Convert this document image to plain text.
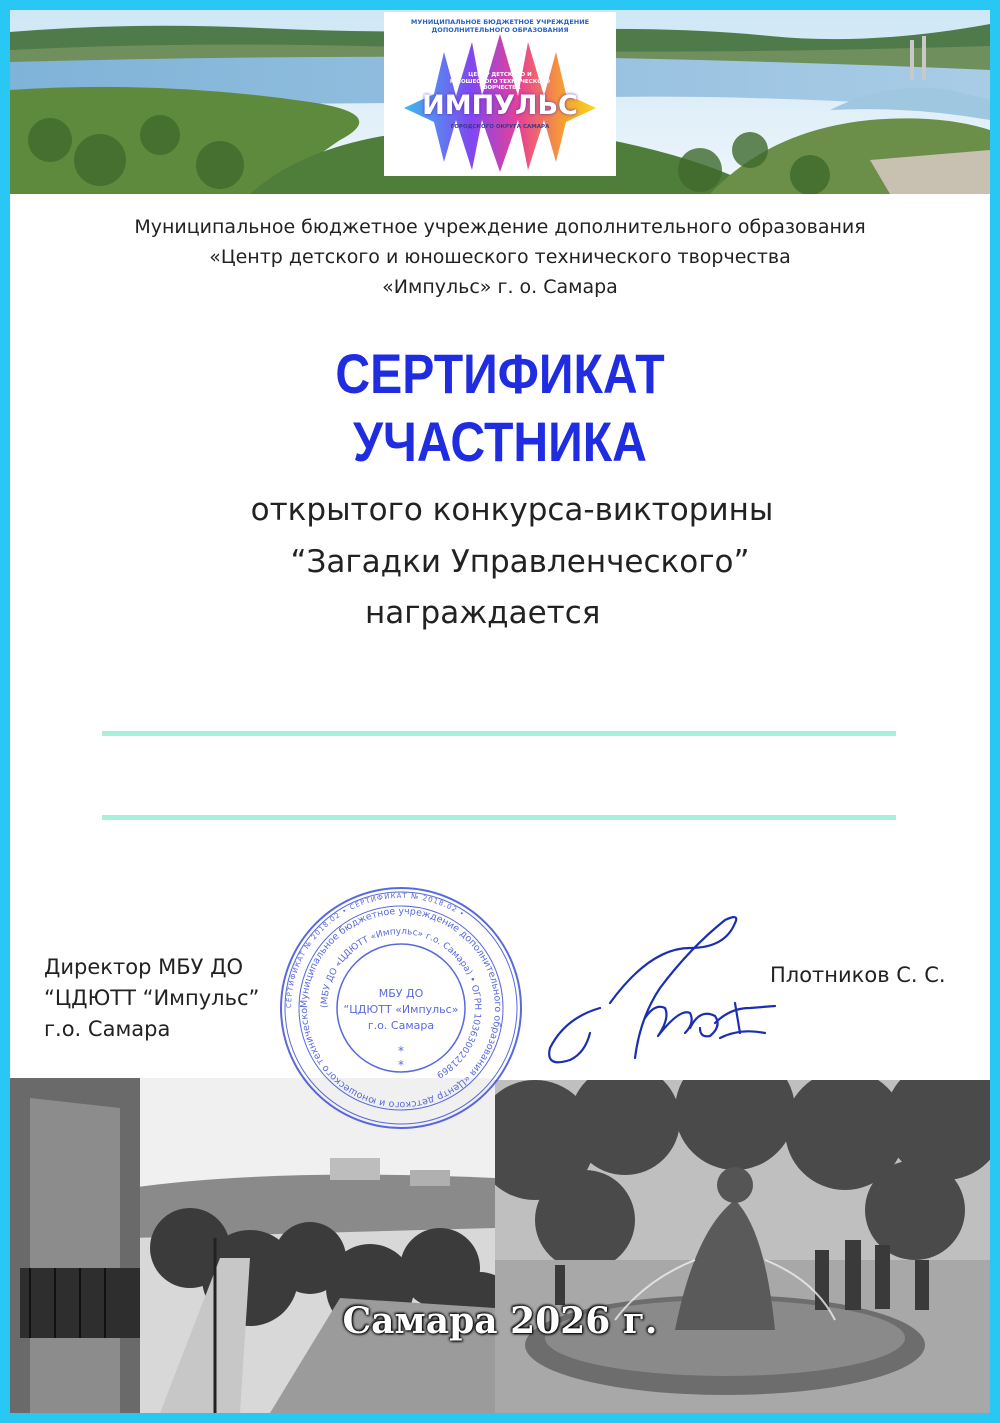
МУНИЦИПАЛЬНОЕ БЮДЖЕТНОЕ УЧРЕЖДЕНИЕ ДОПОЛНИТЕЛЬНОГО ОБРАЗОВАНИЯ
ЦЕНТР ДЕТСКОГО И ЮНОШЕСКОГО ТЕХНИЧЕСКОГО ТВОРЧЕСТВА
ИМПУЛЬС
ГОРОДСКОГО ОКРУГА САМАРА
Муниципальное бюджетное учреждение дополнительного образования
«Центр детского и юношеского технического творчества
«Импульс» г. о. Самара
СЕРТИФИКАТ
УЧАСТНИКА
открытого конкурса-викторины
“Загадки Управленческого”
награждается
Директор МБУ ДО
“ЦДЮТТ “Импульс”
г.о. Самара
Плотников С. С.
Самара 2026 г.
СЕРТИФИКАТ № 2018.02 • СЕРТИФИКАТ № 2018.02 •
Муниципальное бюджетное учреждение дополнительного образования «Центр детского и юношеского техническо
(МБУ ДО «ЦДЮТТ «Импульс» г.о. Самара) • ОГРН 1036300221869
МБУ ДО
“ЦДЮТТ «Импульс»
г.о. Самара
*
*
